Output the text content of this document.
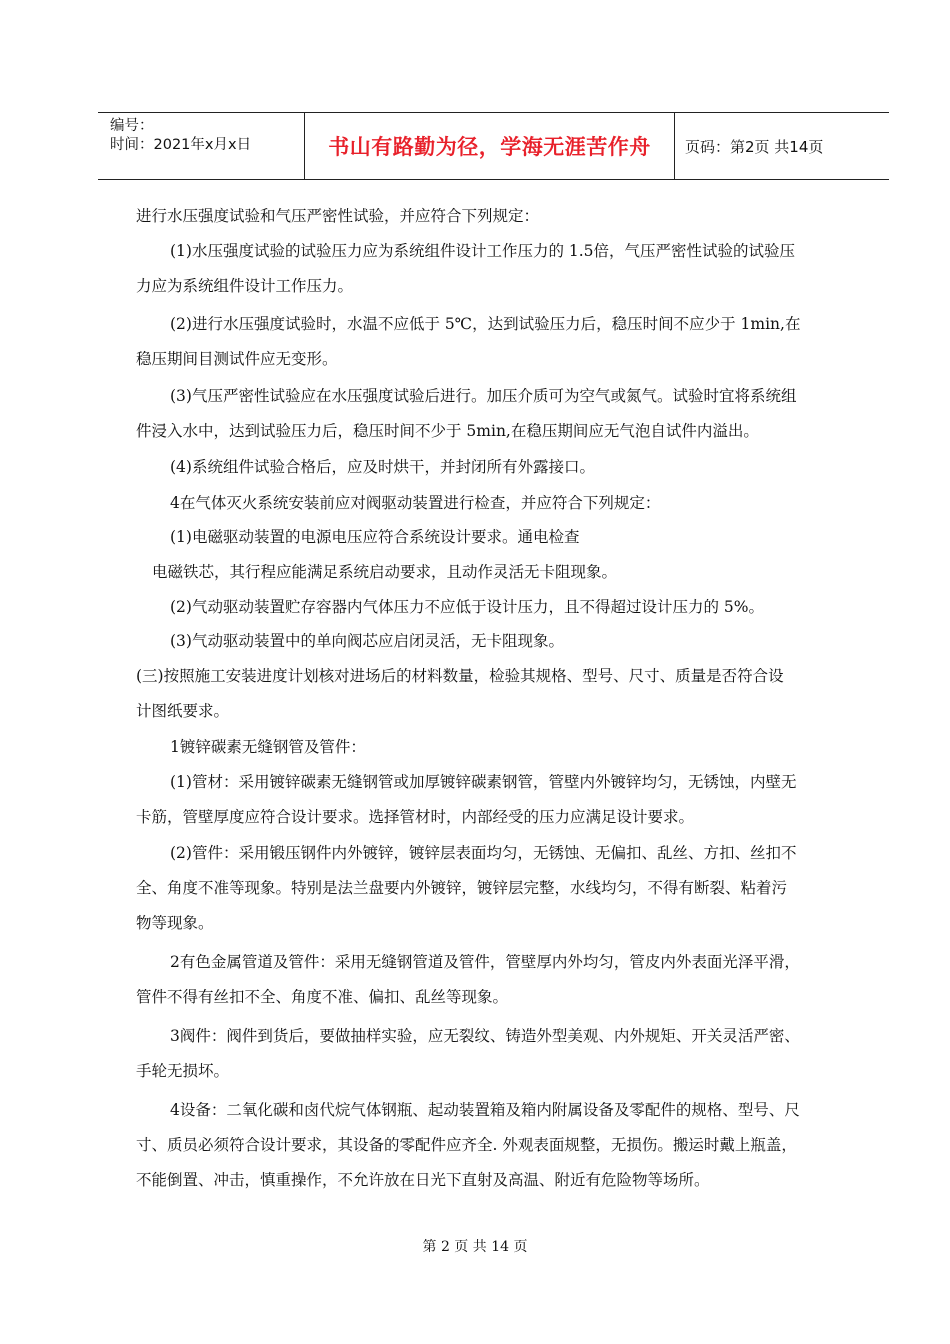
编号：
时间：2021年x月x日	书山有路勤为径，学海无涯苦作舟 页码：第2页 共14页
进行水压强度试验和气压严密性试验，并应符合下列规定：
(1)水压强度试验的试验压力应为系统组件设计工作压力的 1.5倍，气压严密性试验的试验压
力应为系统组件设计工作压力。
(2)进行水压强度试验时，水温不应低于 5℃，达到试验压力后，稳压时间不应少于 1min,在
稳压期间目测试件应无变形。
(3)气压严密性试验应在水压强度试验后进行。加压介质可为空气或氮气。试验时宜将系统组
件浸入水中，达到试验压力后，稳压时间不少于 5min,在稳压期间应无气泡自试件内溢出。
(4)系统组件试验合格后，应及时烘干，并封闭所有外露接口。
4在气体灭火系统安装前应对阀驱动装置进行检查，并应符合下列规定：
(1)电磁驱动装置的电源电压应符合系统设计要求。通电检查
电磁铁芯，其行程应能满足系统启动要求，且动作灵活无卡阻现象。
(2)气动驱动装置贮存容器内气体压力不应低于设计压力，且不得超过设计压力的 5%。
(3)气动驱动装置中的单向阀芯应启闭灵活，无卡阻现象。
(三)按照施工安装进度计划核对进场后的材料数量，检验其规格、型号、尺寸、质量是否符合设
计图纸要求。
1镀锌碳素无缝钢管及管件：
(1)管材：采用镀锌碳素无缝钢管或加厚镀锌碳素钢管，管壁内外镀锌均匀，无锈蚀，内壁无
卡筋，管壁厚度应符合设计要求。选择管材时，内部经受的压力应满足设计要求。
(2)管件：采用锻压钢件内外镀锌，镀锌层表面均匀，无锈蚀、无偏扣、乱丝、方扣、丝扣不
全、角度不准等现象。特别是法兰盘要内外镀锌，镀锌层完整，水线均匀，不得有断裂、粘着污
物等现象。
2有色金属管道及管件：采用无缝钢管道及管件，管壁厚内外均匀，管皮内外表面光泽平滑，
管件不得有丝扣不全、角度不准、偏扣、乱丝等现象。
3阀件：阀件到货后，要做抽样实验，应无裂纹、铸造外型美观、内外规矩、开关灵活严密、
手轮无损坏。
4设备：二氧化碳和卤代烷气体钢瓶、起动装置箱及箱内附属设备及零配件的规格、型号、尺
寸、质员必须符合设计要求，其设备的零配件应齐全. 外观表面规整，无损伤。搬运时戴上瓶盖，
不能倒置、冲击，慎重操作，不允许放在日光下直射及高温、附近有危险物等场所。
第 2 页 共 14 页
